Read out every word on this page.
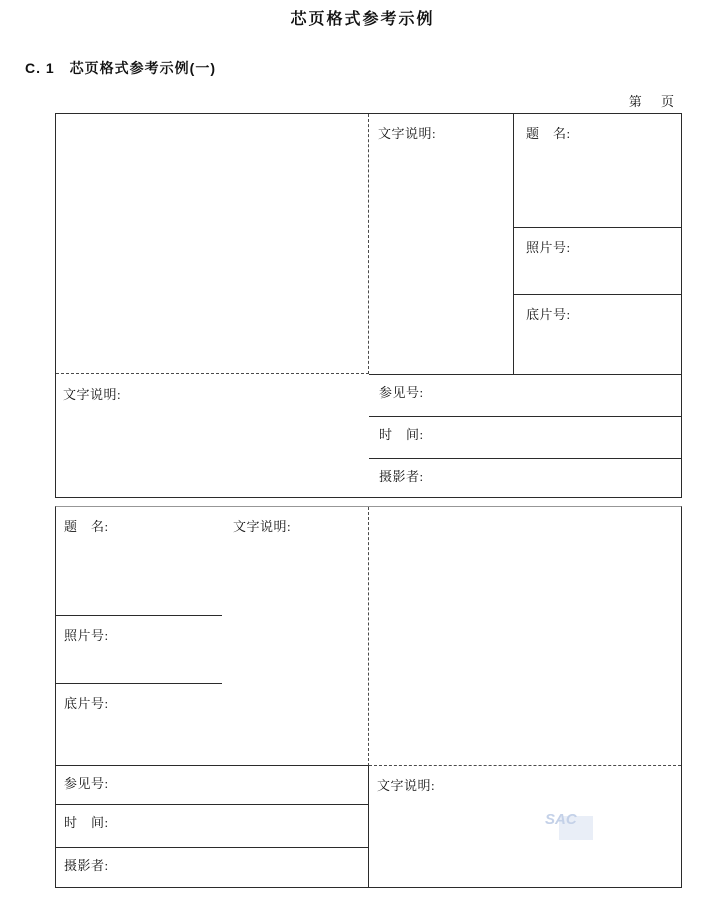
芯页格式参考示例
C. 1　芯页格式参考示例(一)
第　 页
文字说明:	题　名:
照片号:
底片号:
文字说明:	参见号:
时　间:
摄影者:
题　名:
照片号:
底片号:
文字说明:
参见号:
时　间:
摄影者:
文字说明:
SAC
